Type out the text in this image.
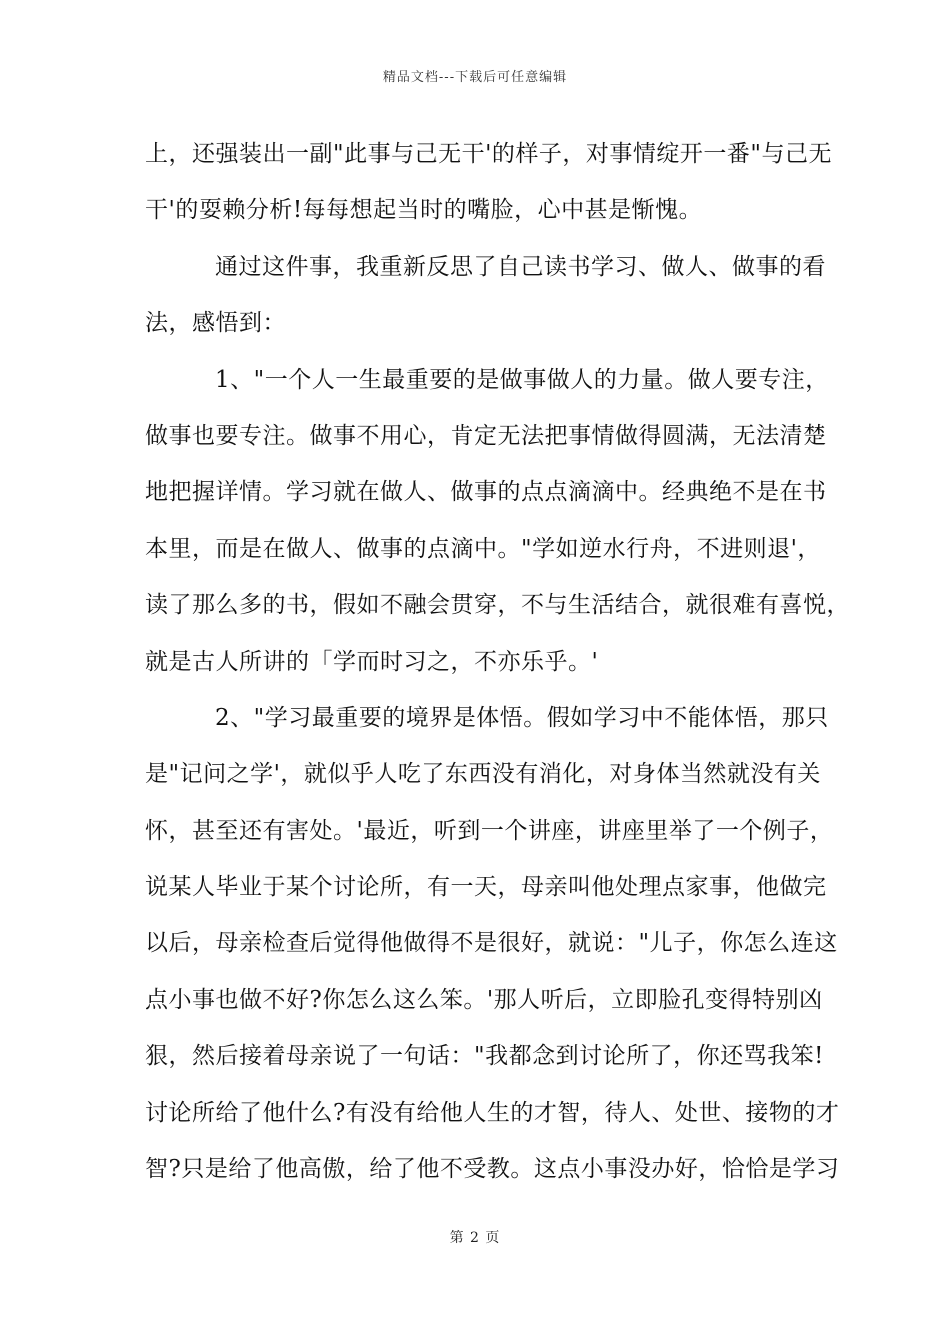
精品文档---下载后可任意编辑
上，还强装出一副"此事与己无干'的样子，对事情绽开一番"与己无
干'的耍赖分析!每每想起当时的嘴脸，心中甚是惭愧。
通过这件事，我重新反思了自己读书学习、做人、做事的看
法，感悟到：
1、"一个人一生最重要的是做事做人的力量。做人要专注，
做事也要专注。做事不用心，肯定无法把事情做得圆满，无法清楚
地把握详情。学习就在做人、做事的点点滴滴中。经典绝不是在书
本里，而是在做人、做事的点滴中。"学如逆水行舟，不进则退'，
读了那么多的书，假如不融会贯穿，不与生活结合，就很难有喜悦，
就是古人所讲的「学而时习之，不亦乐乎。'
2、"学习最重要的境界是体悟。假如学习中不能体悟，那只
是"记问之学'，就似乎人吃了东西没有消化，对身体当然就没有关
怀，甚至还有害处。'最近，听到一个讲座，讲座里举了一个例子，
说某人毕业于某个讨论所，有一天，母亲叫他处理点家事，他做完
以后，母亲检查后觉得他做得不是很好，就说："儿子，你怎么连这
点小事也做不好?你怎么这么笨。'那人听后，立即脸孔变得特别凶
狠，然后接着母亲说了一句话："我都念到讨论所了，你还骂我笨!
讨论所给了他什么?有没有给他人生的才智，待人、处世、接物的才
智?只是给了他高傲，给了他不受教。这点小事没办好，恰恰是学习
第 2 页
